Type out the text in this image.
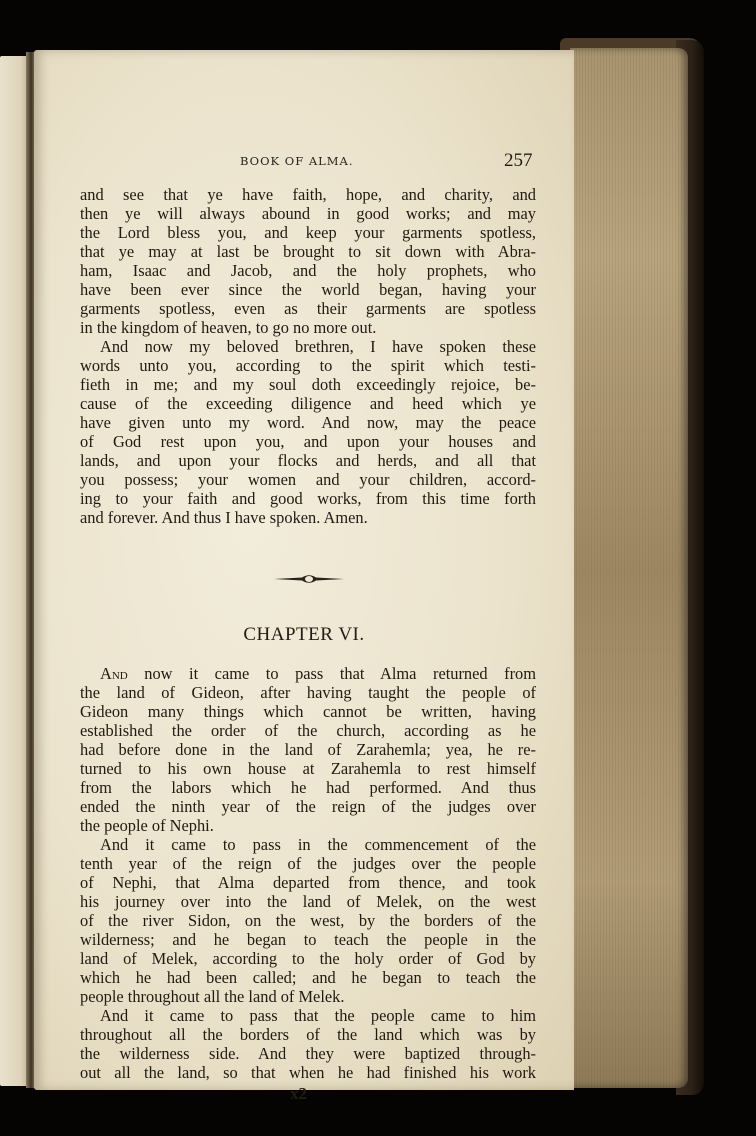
BOOK OF ALMA.	257
and see that ye have faith, hope, and charity, and
then ye will always abound in good works; and may
the Lord bless you, and keep your garments spotless,
that ye may at last be brought to sit down with Abra-
ham, Isaac and Jacob, and the holy prophets, who
have been ever since the world began, having your
garments spotless, even as their garments are spotless
in the kingdom of heaven, to go no more out.
And now my beloved brethren, I have spoken these
words unto you, according to the spirit which testi-
fieth in me; and my soul doth exceedingly rejoice, be-
cause of the exceeding diligence and heed which ye
have given unto my word. And now, may the peace
of God rest upon you, and upon your houses and
lands, and upon your flocks and herds, and all that
you possess; your women and your children, accord-
ing to your faith and good works, from this time forth
and forever. And thus I have spoken. Amen.
CHAPTER VI.
And now it came to pass that Alma returned from
the land of Gideon, after having taught the people of
Gideon many things which cannot be written, having
established the order of the church, according as he
had before done in the land of Zarahemla; yea, he re-
turned to his own house at Zarahemla to rest himself
from the labors which he had performed. And thus
ended the ninth year of the reign of the judges over
the people of Nephi.
And it came to pass in the commencement of the
tenth year of the reign of the judges over the people
of Nephi, that Alma departed from thence, and took
his journey over into the land of Melek, on the west
of the river Sidon, on the west, by the borders of the
wilderness; and he began to teach the people in the
land of Melek, according to the holy order of God by
which he had been called; and he began to teach the
people throughout all the land of Melek.
And it came to pass that the people came to him
throughout all the borders of the land which was by
the wilderness side. And they were baptized through-
out all the land, so that when he had finished his work
x2
